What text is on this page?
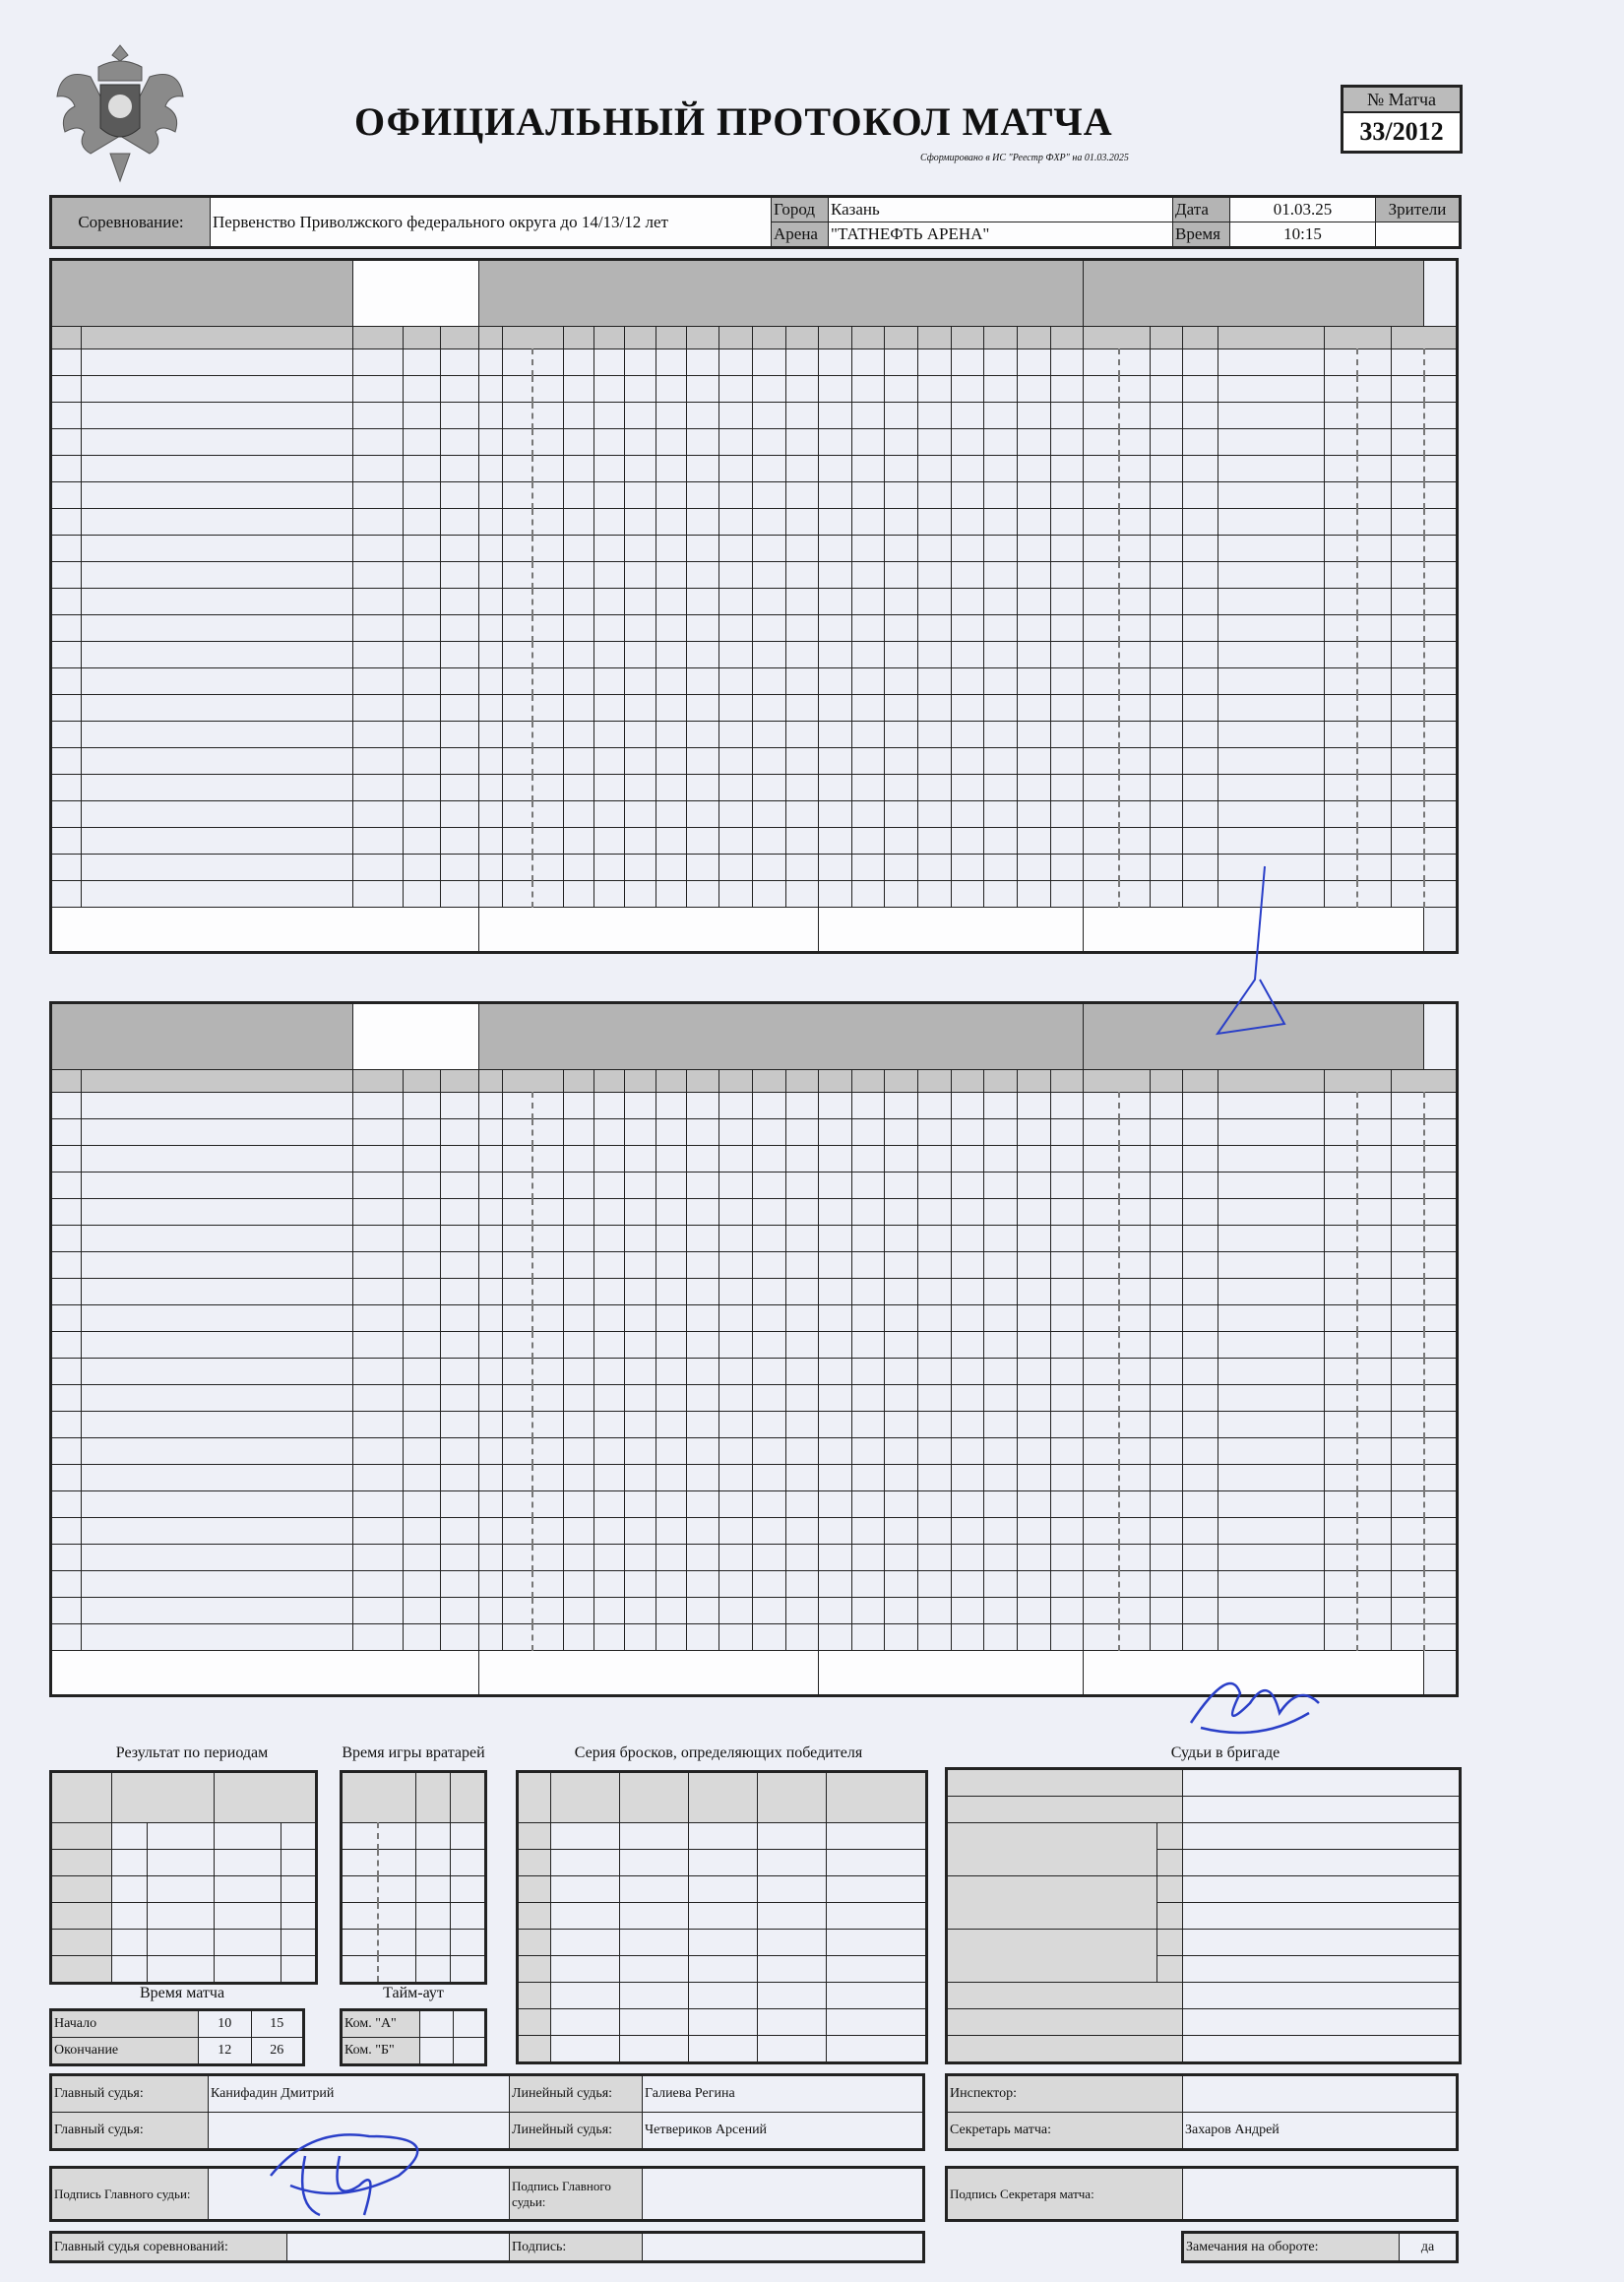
ОФИЦИАЛЬНЫЙ ПРОТОКОЛ МАТЧА
Сформировано в ИС "Реестр ФХР" на 01.03.2025
№ Матча
33/2012
Соревнование:	Первенство Приволжского федерального округа до 14/13/12 лет	Город	Казань	Дата	01.03.25	Зрители
		Арена	"ТАТНЕФТЬ АРЕНА"	Время	10:15	

Результат по периодам

					Время игры вратарей

Время матча
Начало	10	15
Окончание	12	26
Тайм-аут
Ком. "А"		
Ком. "Б"		
Серия бросков, определяющих победителя

						Судьи в бригаде

Главный судья:	Канифадин Дмитрий	Линейный судья:	Галиева Регина
Главный судья:		Линейный судья:	Четвериков Арсений
Инспектор:	
Секретарь матча:	Захаров Андрей
Подпись Главного судьи:		Подпись Главного судьи:	
Подпись Секретаря матча:	
Главный судья соревнований:		Подпись:		Замечания на обороте:	да
